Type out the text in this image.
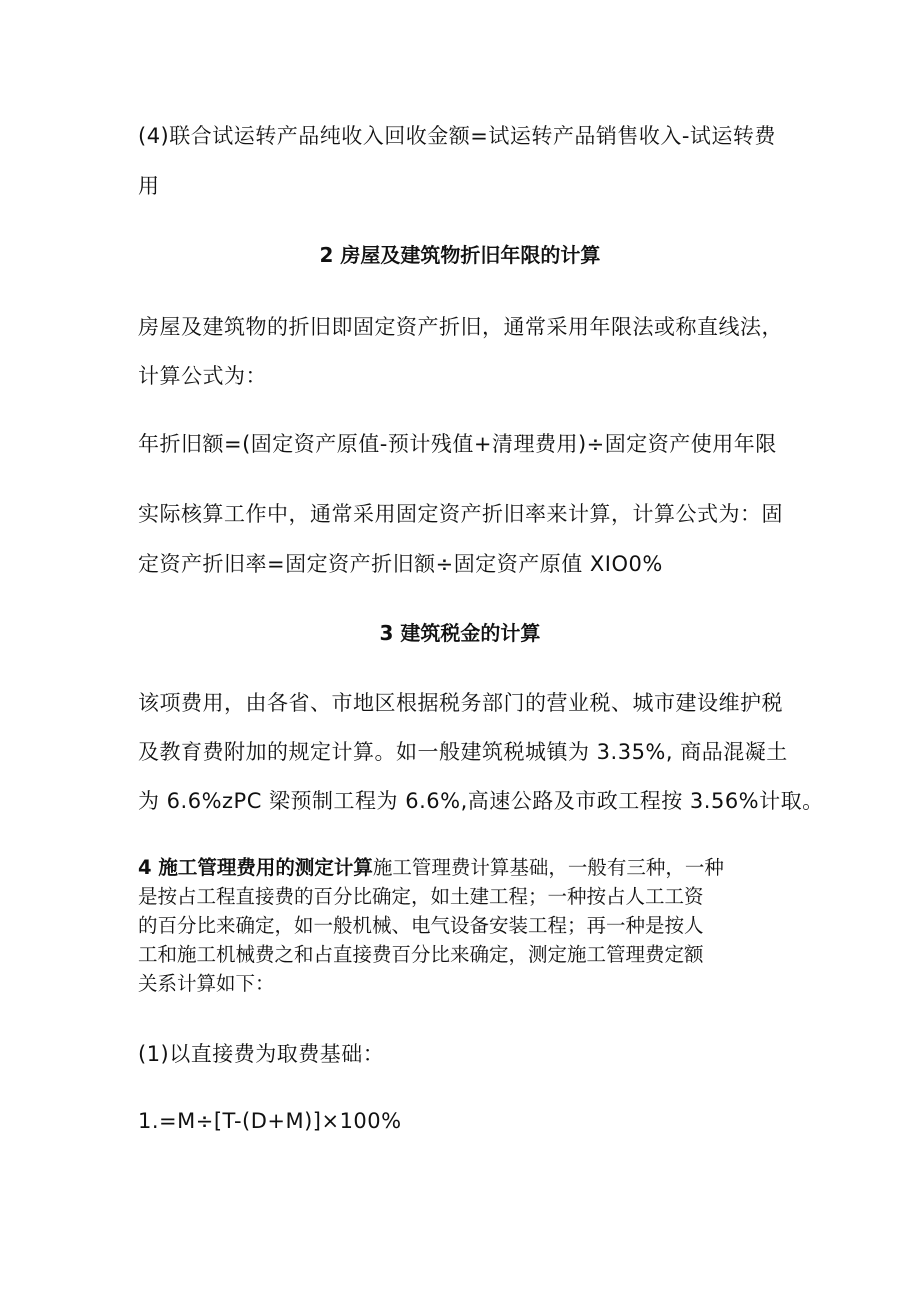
(4)联合试运转产品纯收入回收金额=试运转产品销售收入-试运转费
用
2 房屋及建筑物折旧年限的计算
房屋及建筑物的折旧即固定资产折旧，通常采用年限法或称直线法，
计算公式为：
年折旧额=(固定资产原值-预计残值+清理费用)÷固定资产使用年限
实际核算工作中，通常采用固定资产折旧率来计算，计算公式为：固
定资产折旧率=固定资产折旧额÷固定资产原值 XIO0%
3 建筑税金的计算
该项费用，由各省、市地区根据税务部门的营业税、城市建设维护税
及教育费附加的规定计算。如一般建筑税城镇为 3.35%, 商品混凝土
为 6.6%zPC 梁预制工程为 6.6%,高速公路及市政工程按 3.56%计取。
4 施工管理费用的测定计算施工管理费计算基础，一般有三种，一种
是按占工程直接费的百分比确定，如土建工程；一种按占人工工资
的百分比来确定，如一般机械、电气设备安装工程；再一种是按人
工和施工机械费之和占直接费百分比来确定，测定施工管理费定额
关系计算如下：
(1)以直接费为取费基础：
1.=M÷[T-(D+M)]×100%
